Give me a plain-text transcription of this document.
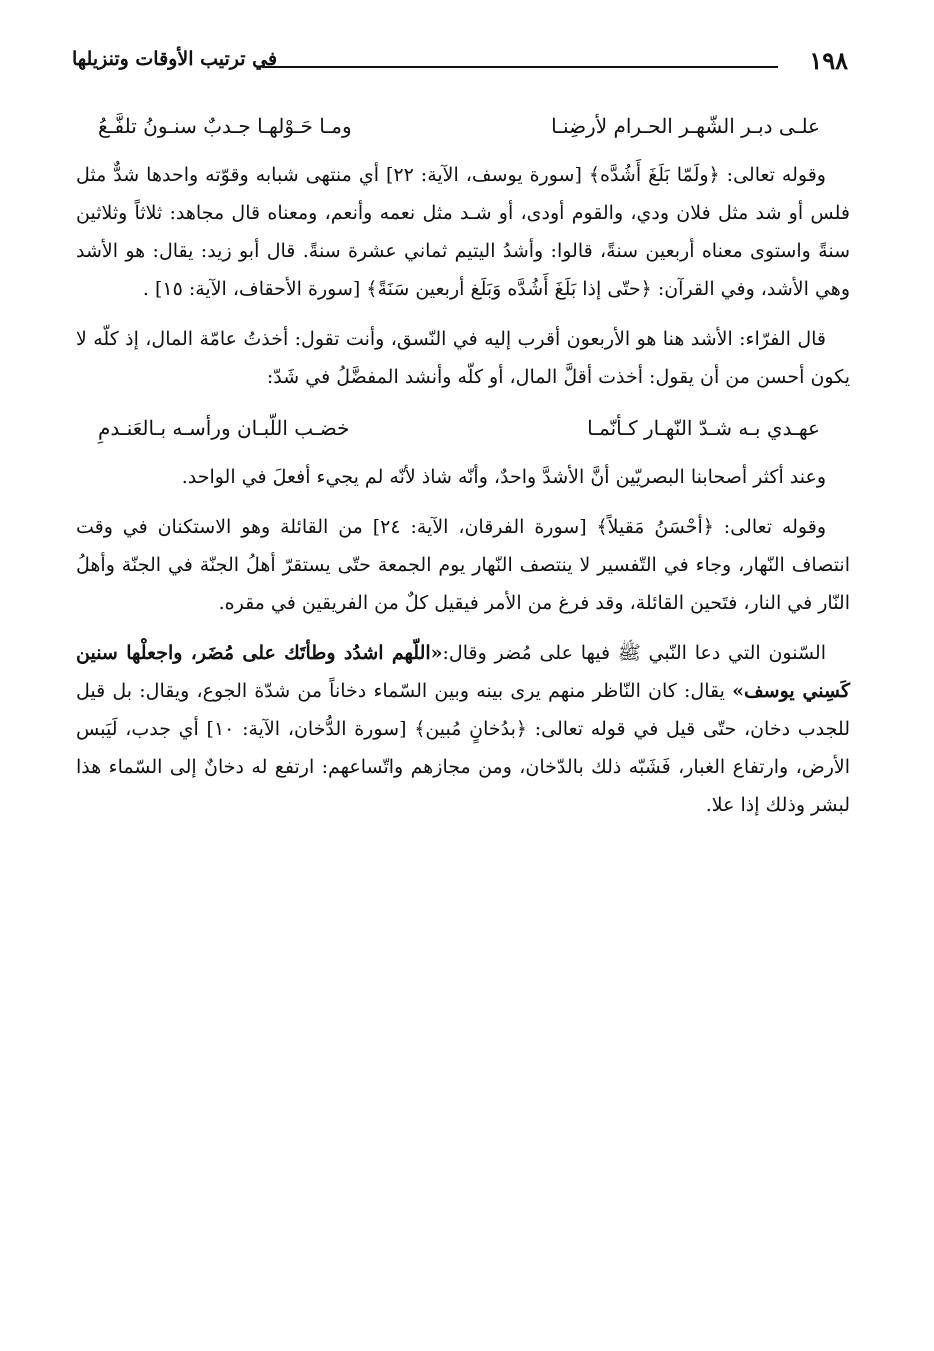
١٩٨
في ترتيب الأوقات وتنزيلها
علـى دبـر الشّهـر الحـرام لأرضِنـا
ومـا حَـوْلهـا جـدبٌ سنـونُ تلفَّـعُ

وقوله تعالى: ﴿ولَمّا بَلَغَ أَشُدَّه﴾ [سورة يوسف، الآية: ٢٢] أي منتهى شبابه وقوّته واحدها شدٌّ مثل فلس أو شد مثل فلان ودي، والقوم أودى، أو شـد مثل نعمه وأنعم، ومعناه قال مجاهد: ثلاثاً وثلاثين سنةً واستوى معناه أربعين سنةً، قالوا: وأشدُ اليتيم ثماني عشرة سنةً. قال أبو زيد: يقال: هو الأشد وهي الأشد، وفي القرآن: ﴿حتّى إذا بَلَغَ أَشُدَّه وَبَلَغ أربعين سَنَةً﴾ [سورة الأحقاف، الآية: ١٥] .

قال الفرّاء: الأشد هنا هو الأربعون أقرب إليه في النّسق، وأنت تقول: أخذتُ عامّة المال، إذ كلّه لا يكون أحسن من أن يقول: أخذت أقلَّ المال، أو كلّه وأنشد المفضَّلُ في شَدّ:

عهـدي بـه شـدّ النّهـار كـأنّمـا
خضـب اللّبـان ورأسـه بـالعَنـدمِ

وعند أكثر أصحابنا البصريّين أنَّ الأشدَّ واحدٌ، وأنّه شاذ لأنّه لم يجيء أفعلَ في الواحد.

وقوله تعالى: ﴿أحْسَنُ مَقيلاً﴾ [سورة الفرقان، الآية: ٢٤] من القائلة وهو الاستكنان في وقت انتصاف النّهار، وجاء في التّفسير لا ينتصف النّهار يوم الجمعة حتّى يستقرّ أهلُ الجنّة في الجنّة وأهلُ النّار في النار، فتَحين القائلة، وقد فرغ من الأمر فيقيل كلٌ من الفريقين في مقره.

السّنون التي دعا النّبي ﷺ فيها على مُضر وقال:«اللّهم اشدُد وطأتَك على مُضَر، واجعلْها سنين كَسِني يوسف» يقال: كان النّاظر منهم يرى بينه وبين السّماء دخاناً من شدّة الجوع، ويقال: بل قيل للجدب دخان، حتّى قيل في قوله تعالى: ﴿بدُخانٍ مُبين﴾ [سورة الدُّخان، الآية: ١٠] أي جدب، لَيَبس الأرض، وارتفاع الغبار، فَشَبّه ذلك بالدّخان، ومن مجازهم واتّساعهم: ارتفع له دخانٌ إلى السّماء هذا لبشر وذلك إذا علا.
